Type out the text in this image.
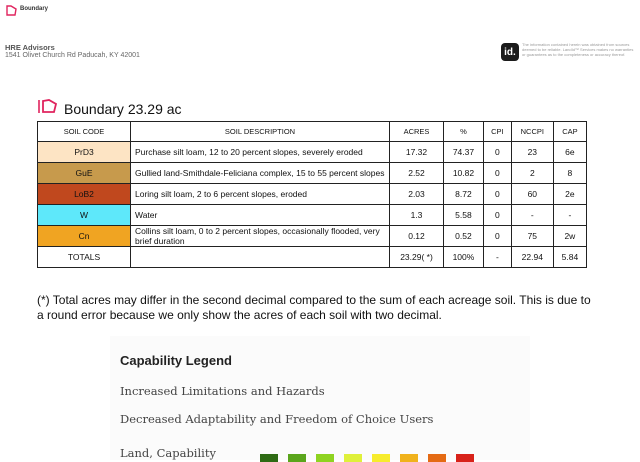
Boundary
HRE Advisors
1541 Olivet Church Rd Paducah, KY 42001	id.
The information contained herein was obtained from sources deemed to be reliable. LandId™ Services makes no warranties or guarantees as to the completeness or accuracy thereof.
Boundary 23.29 ac
SOIL CODE	SOIL DESCRIPTION	ACRES	%	CPI	NCCPI	CAP
PrD3	Purchase silt loam, 12 to 20 percent slopes, severely eroded	17.32	74.37	0	23	6e
GuE	Gullied land-Smithdale-Feliciana complex, 15 to 55 percent slopes	2.52	10.82	0	2	8
LoB2	Loring silt loam, 2 to 6 percent slopes, eroded	2.03	8.72	0	60	2e
W	Water	1.3	5.58	0	-	-
Cn	Collins silt loam, 0 to 2 percent slopes, occasionally flooded, very brief duration	0.12	0.52	0	75	2w
TOTALS		23.29( *)	100%	-	22.94	5.84
(*) Total acres may differ in the second decimal compared to the sum of each acreage soil. This is due to a round error because we only show the acres of each soil with two decimal.
Capability Legend
Increased Limitations and Hazards
Decreased Adaptability and Freedom of Choice Users
Land, Capability
